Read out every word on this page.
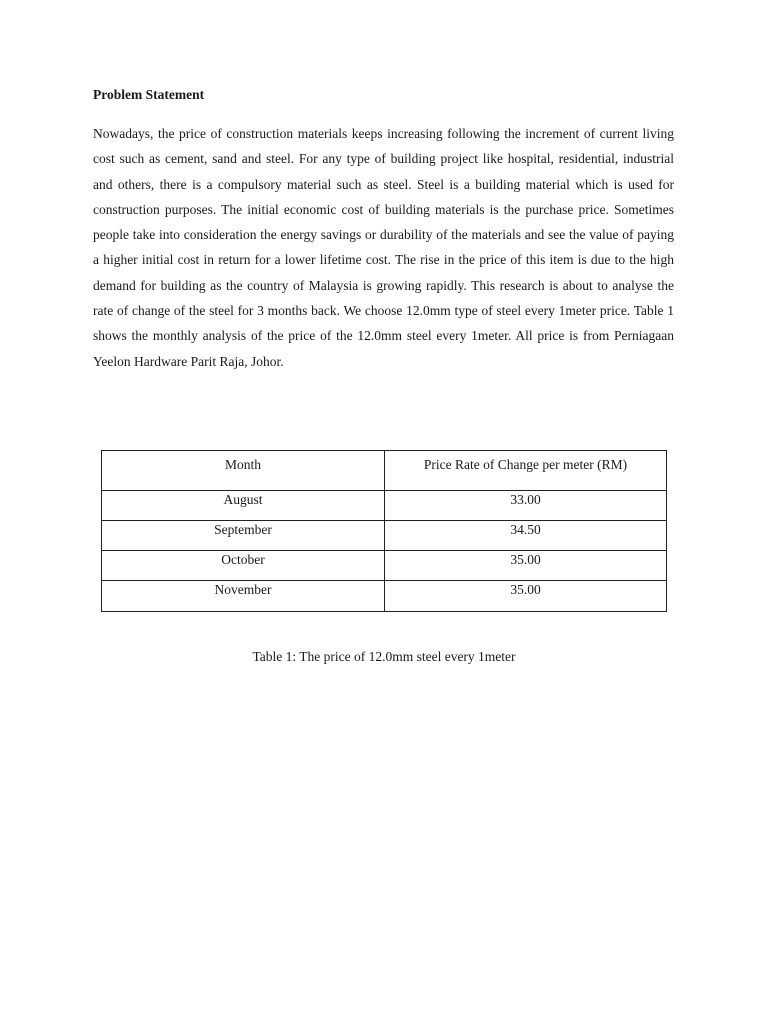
Problem Statement

Nowadays, the price of construction materials keeps increasing following the increment of current living cost such as cement, sand and steel. For any type of building project like hospital, residential, industrial and others, there is a compulsory material such as steel. Steel is a building material which is used for construction purposes. The initial economic cost of building materials is the purchase price. Sometimes people take into consideration the energy savings or durability of the materials and see the value of paying a higher initial cost in return for a lower lifetime cost. The rise in the price of this item is due to the high demand for building as the country of Malaysia is growing rapidly. This research is about to analyse the rate of change of the steel for 3 months back. We choose 12.0mm type of steel every 1meter price. Table 1 shows the monthly analysis of the price of the 12.0mm steel every 1meter. All price is from Perniagaan Yeelon Hardware Parit Raja, Johor.

Month	Price Rate of Change per meter (RM)
August	33.00
September	34.50
October	35.00
November	35.00

Table 1: The price of 12.0mm steel every 1meter
